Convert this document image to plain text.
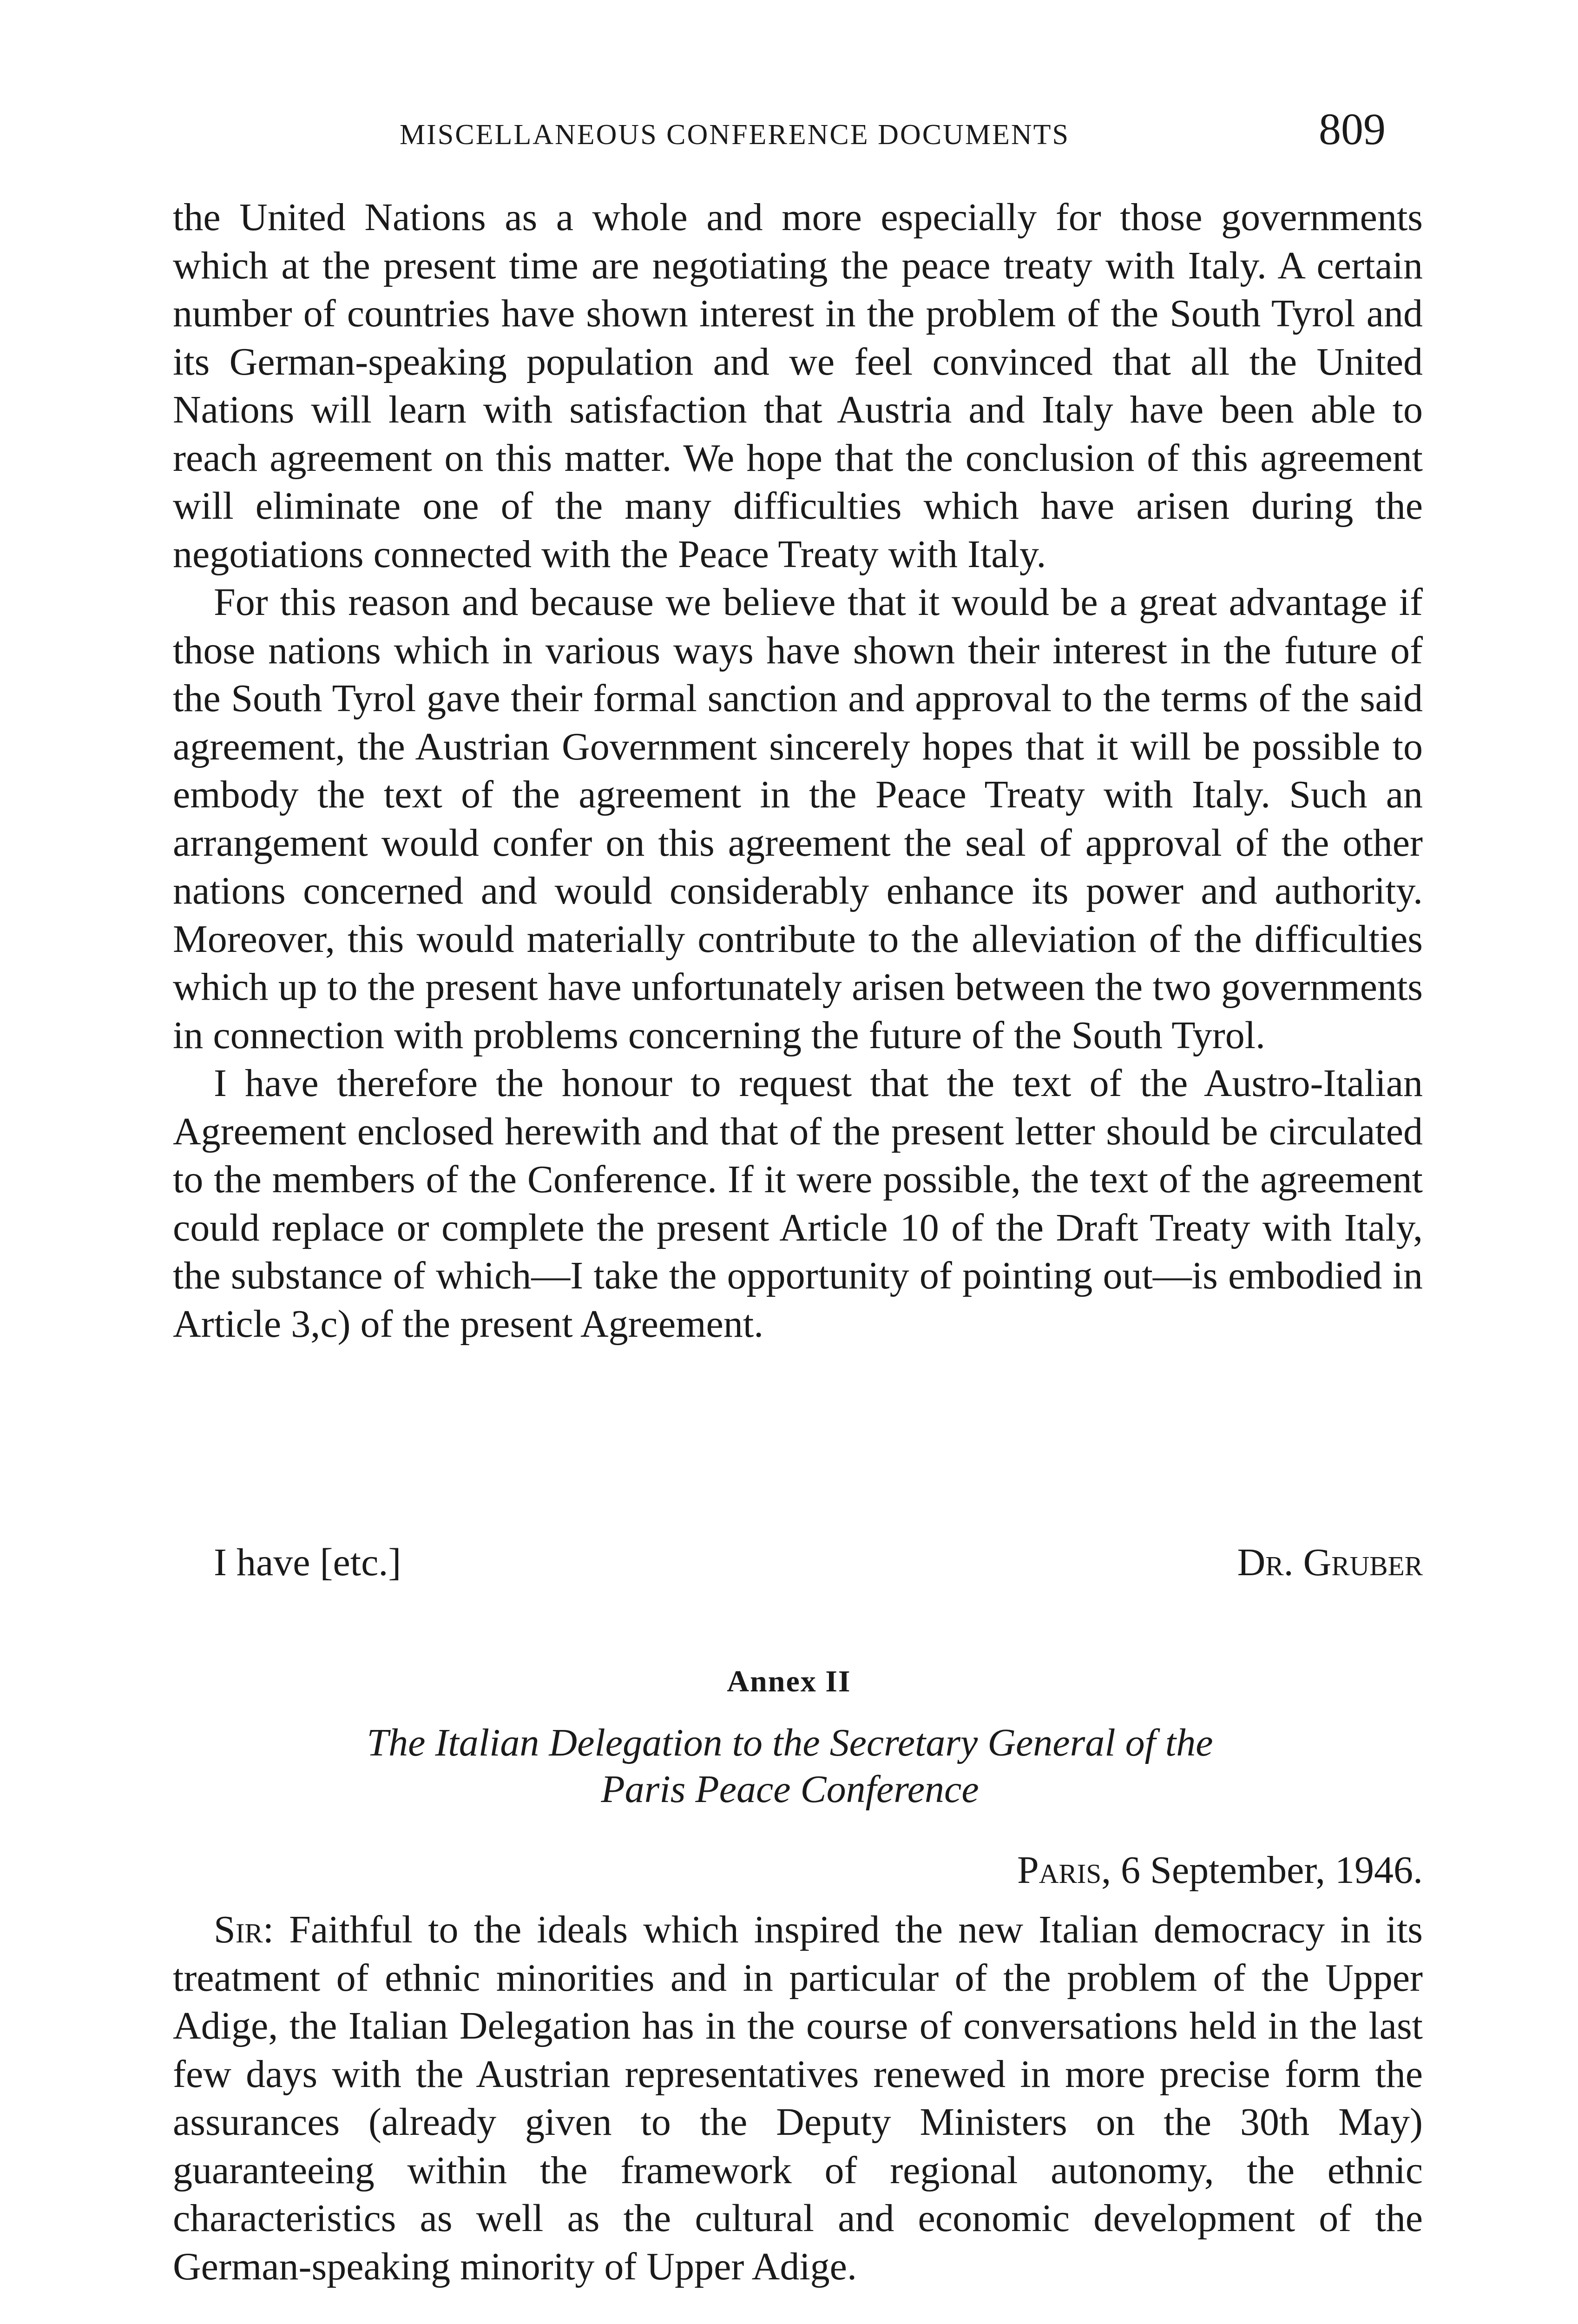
MISCELLANEOUS CONFERENCE DOCUMENTS	809

the United Nations as a whole and more especially for those governments which at the present time are negotiating the peace treaty with Italy. A certain number of countries have shown interest in the problem of the South Tyrol and its German-speaking population and we feel convinced that all the United Nations will learn with satisfaction that Austria and Italy have been able to reach agreement on this matter. We hope that the conclusion of this agreement will eliminate one of the many difficulties which have arisen during the negotiations connected with the Peace Treaty with Italy.

For this reason and because we believe that it would be a great advantage if those nations which in various ways have shown their interest in the future of the South Tyrol gave their formal sanction and approval to the terms of the said agreement, the Austrian Government sincerely hopes that it will be possible to embody the text of the agreement in the Peace Treaty with Italy. Such an arrangement would confer on this agreement the seal of approval of the other nations concerned and would considerably enhance its power and authority. Moreover, this would materially contribute to the alleviation of the difficulties which up to the present have unfortunately arisen between the two governments in connection with problems concerning the future of the South Tyrol.

I have therefore the honour to request that the text of the Austro-Italian Agreement enclosed herewith and that of the present letter should be circulated to the members of the Conference. If it were possible, the text of the agreement could replace or complete the present Article 10 of the Draft Treaty with Italy, the substance of which—I take the opportunity of pointing out—is embodied in Article 3,c) of the present Agreement.

I have [etc.]	Dr. Gruber
Annex II
The Italian Delegation to the Secretary General of the
Paris Peace Conference
Paris, 6 September, 1946.

Sir: Faithful to the ideals which inspired the new Italian democracy in its treatment of ethnic minorities and in particular of the problem of the Upper Adige, the Italian Delegation has in the course of conversations held in the last few days with the Austrian representatives renewed in more precise form the assurances (already given to the Deputy Ministers on the 30th May) guaranteeing within the framework of regional autonomy, the ethnic characteristics as well as the cultural and economic development of the German-speaking minority of Upper Adige.
